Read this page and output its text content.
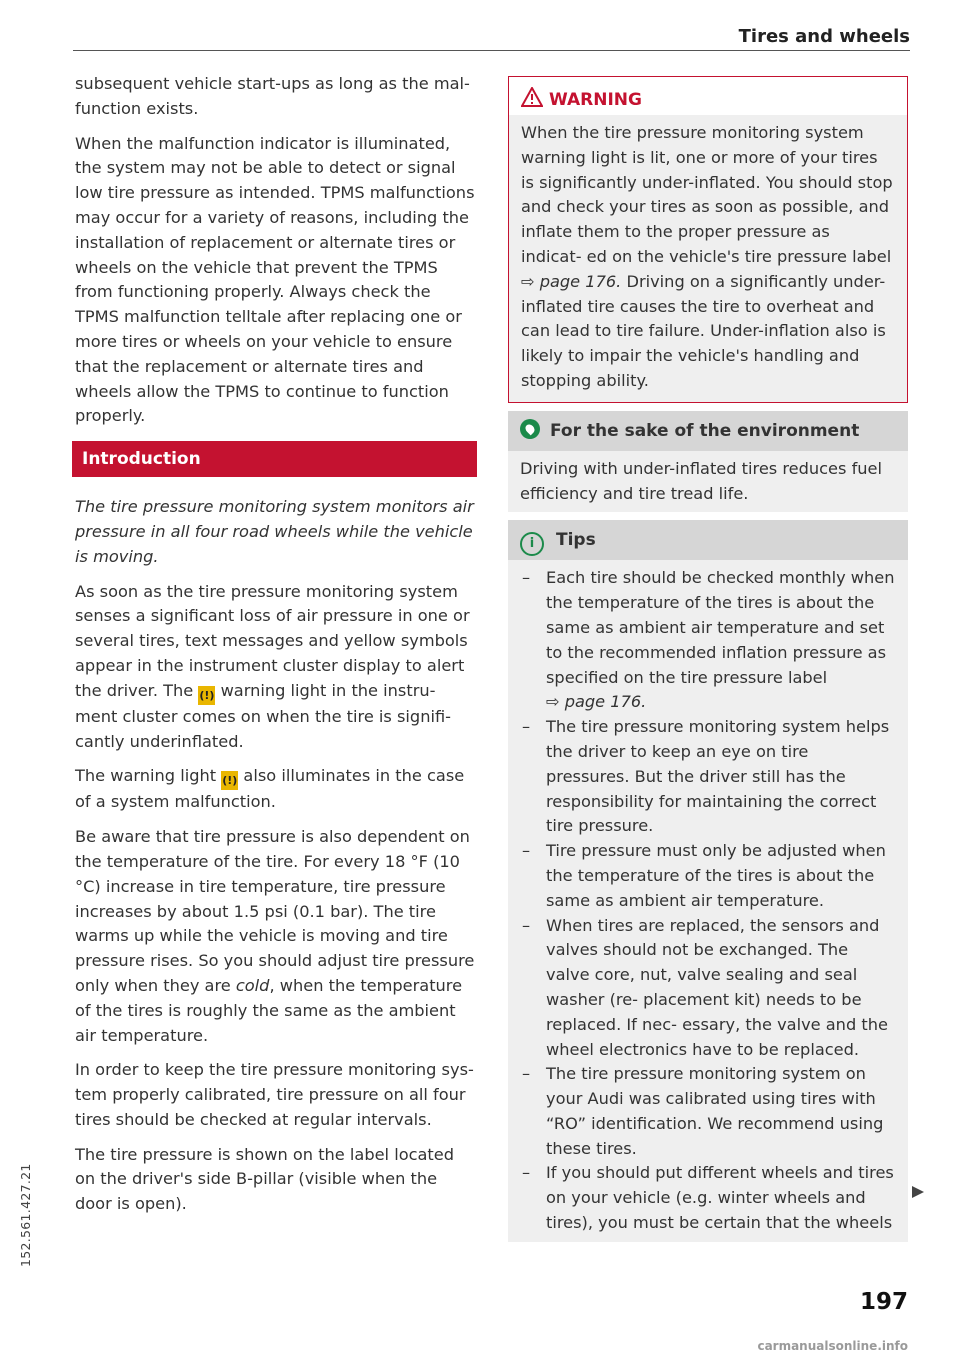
Tires and wheels

subsequent vehicle start-ups as long as the mal- function exists.

When the malfunction indicator is illuminated, the system may not be able to detect or signal low tire pressure as intended. TPMS malfunctions may occur for a variety of reasons, including the installation of replacement or alternate tires or wheels on the vehicle that prevent the TPMS from functioning properly. Always check the TPMS malfunction telltale after replacing one or more tires or wheels on your vehicle to ensure that the replacement or alternate tires and wheels allow the TPMS to continue to function properly.

Introduction

The tire pressure monitoring system monitors air pressure in all four road wheels while the vehicle is moving.

As soon as the tire pressure monitoring system senses a significant loss of air pressure in one or several tires, text messages and yellow symbols appear in the instrument cluster display to alert the driver. The (!) warning light in the instru- ment cluster comes on when the tire is signifi- cantly underinflated.

The warning light (!) also illuminates in the case of a system malfunction.

Be aware that tire pressure is also dependent on the temperature of the tire. For every 18 °F (10 °C) increase in tire temperature, tire pressure increases by about 1.5 psi (0.1 bar). The tire warms up while the vehicle is moving and tire pressure rises. So you should adjust tire pressure only when they are cold, when the temperature of the tires is roughly the same as the ambient air temperature.

In order to keep the tire pressure monitoring sys- tem properly calibrated, tire pressure on all four tires should be checked at regular intervals.

The tire pressure is shown on the label located on the driver's side B-pillar (visible when the door is open).

WARNING
When the tire pressure monitoring system warning light is lit, one or more of your tires is significantly under-inflated. You should stop and check your tires as soon as possible, and inflate them to the proper pressure as indicat- ed on the vehicle's tire pressure label ⇨ page 176. Driving on a significantly under- inflated tire causes the tire to overheat and can lead to tire failure. Under-inflation also is likely to impair the vehicle's handling and stopping ability.
For the sake of the environment
Driving with under-inflated tires reduces fuel efficiency and tire tread life.
i Tips
– Each tire should be checked monthly when the temperature of the tires is about the same as ambient air temperature and set to the recommended inflation pressure as specified on the tire pressure label
⇨ page 176.
– The tire pressure monitoring system helps the driver to keep an eye on tire pressures. But the driver still has the responsibility for maintaining the correct tire pressure.
– Tire pressure must only be adjusted when the temperature of the tires is about the same as ambient air temperature.
– When tires are replaced, the sensors and valves should not be exchanged. The valve core, nut, valve sealing and seal washer (re- placement kit) needs to be replaced. If nec- essary, the valve and the wheel electronics have to be replaced.
– The tire pressure monitoring system on your Audi was calibrated using tires with “RO” identification. We recommend using these tires.
– If you should put different wheels and tires on your vehicle (e.g. winter wheels and tires), you must be certain that the wheels
197
152.561.427.21
carmanualsonline.info
